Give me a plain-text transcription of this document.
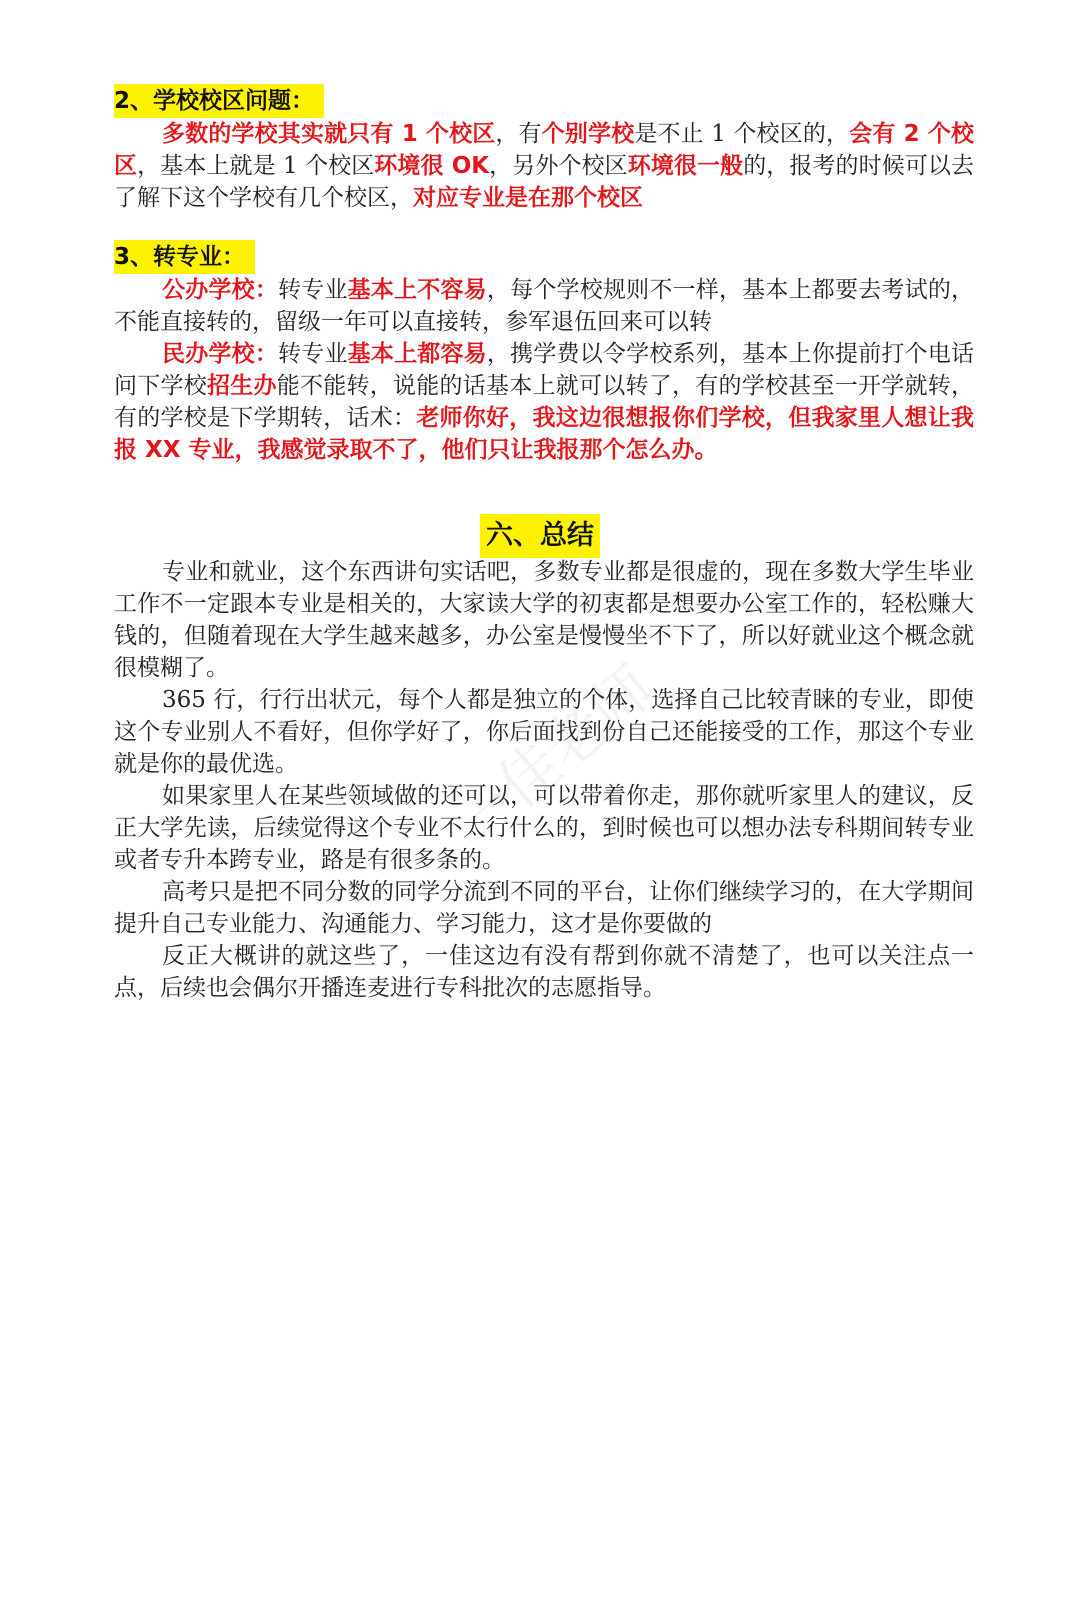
一佳老师
2、学校校区问题：

多数的学校其实就只有 1 个校区，有个别学校是不止 1 个校区的，会有 2 个校区，基本上就是 1 个校区环境很 OK，另外个校区环境很一般的，报考的时候可以去了解下这个学校有几个校区，对应专业是在那个校区

3、转专业：

公办学校：转专业基本上不容易，每个学校规则不一样，基本上都要去考试的，不能直接转的，留级一年可以直接转，参军退伍回来可以转

民办学校：转专业基本上都容易，携学费以令学校系列，基本上你提前打个电话问下学校招生办能不能转，说能的话基本上就可以转了，有的学校甚至一开学就转，有的学校是下学期转，话术：老师你好，我这边很想报你们学校，但我家里人想让我报 XX 专业，我感觉录取不了，他们只让我报那个怎么办。

六、总结

专业和就业，这个东西讲句实话吧，多数专业都是很虚的，现在多数大学生毕业工作不一定跟本专业是相关的，大家读大学的初衷都是想要办公室工作的，轻松赚大钱的，但随着现在大学生越来越多，办公室是慢慢坐不下了，所以好就业这个概念就很模糊了。

365 行，行行出状元，每个人都是独立的个体，选择自己比较青睐的专业，即使这个专业别人不看好，但你学好了，你后面找到份自己还能接受的工作，那这个专业就是你的最优选。

如果家里人在某些领域做的还可以，可以带着你走，那你就听家里人的建议，反正大学先读，后续觉得这个专业不太行什么的，到时候也可以想办法专科期间转专业或者专升本跨专业，路是有很多条的。

高考只是把不同分数的同学分流到不同的平台，让你们继续学习的，在大学期间提升自己专业能力、沟通能力、学习能力，这才是你要做的

反正大概讲的就这些了，一佳这边有没有帮到你就不清楚了，也可以关注点一点，后续也会偶尔开播连麦进行专科批次的志愿指导。
